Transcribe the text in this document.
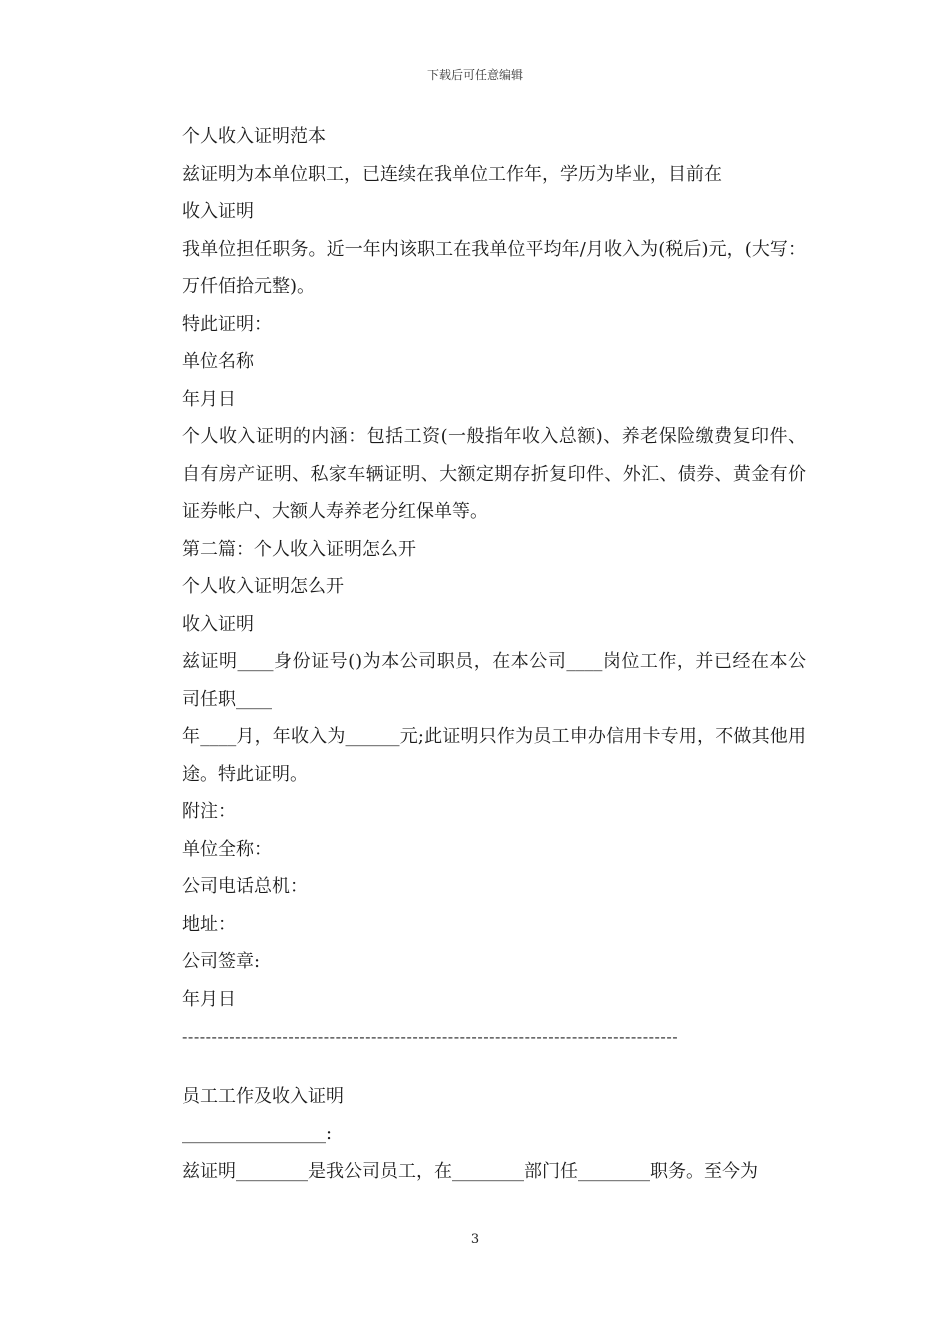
下载后可任意编辑

个人收入证明范本

兹证明为本单位职工，已连续在我单位工作年，学历为毕业，目前在

收入证明

我单位担任职务。近一年内该职工在我单位平均年/月收入为(税后)元，(大写：万仟佰拾元整)。

特此证明：

单位名称

年月日

个人收入证明的内涵：包括工资(一般指年收入总额)、养老保险缴费复印件、自有房产证明、私家车辆证明、大额定期存折复印件、外汇、债券、黄金有价证券帐户、大额人寿养老分红保单等。

第二篇：个人收入证明怎么开

个人收入证明怎么开

收入证明

兹证明____身份证号()为本公司职员，在本公司____岗位工作，并已经在本公司任职____

年____月，年收入为______元;此证明只作为员工申办信用卡专用，不做其他用途。特此证明。

附注：

单位全称：

公司电话总机：

地址：

公司签章:

年月日

------------------------------------------------------------------------------------

员工工作及收入证明

________________:

兹证明________是我公司员工，在________部门任________职务。至今为

3
